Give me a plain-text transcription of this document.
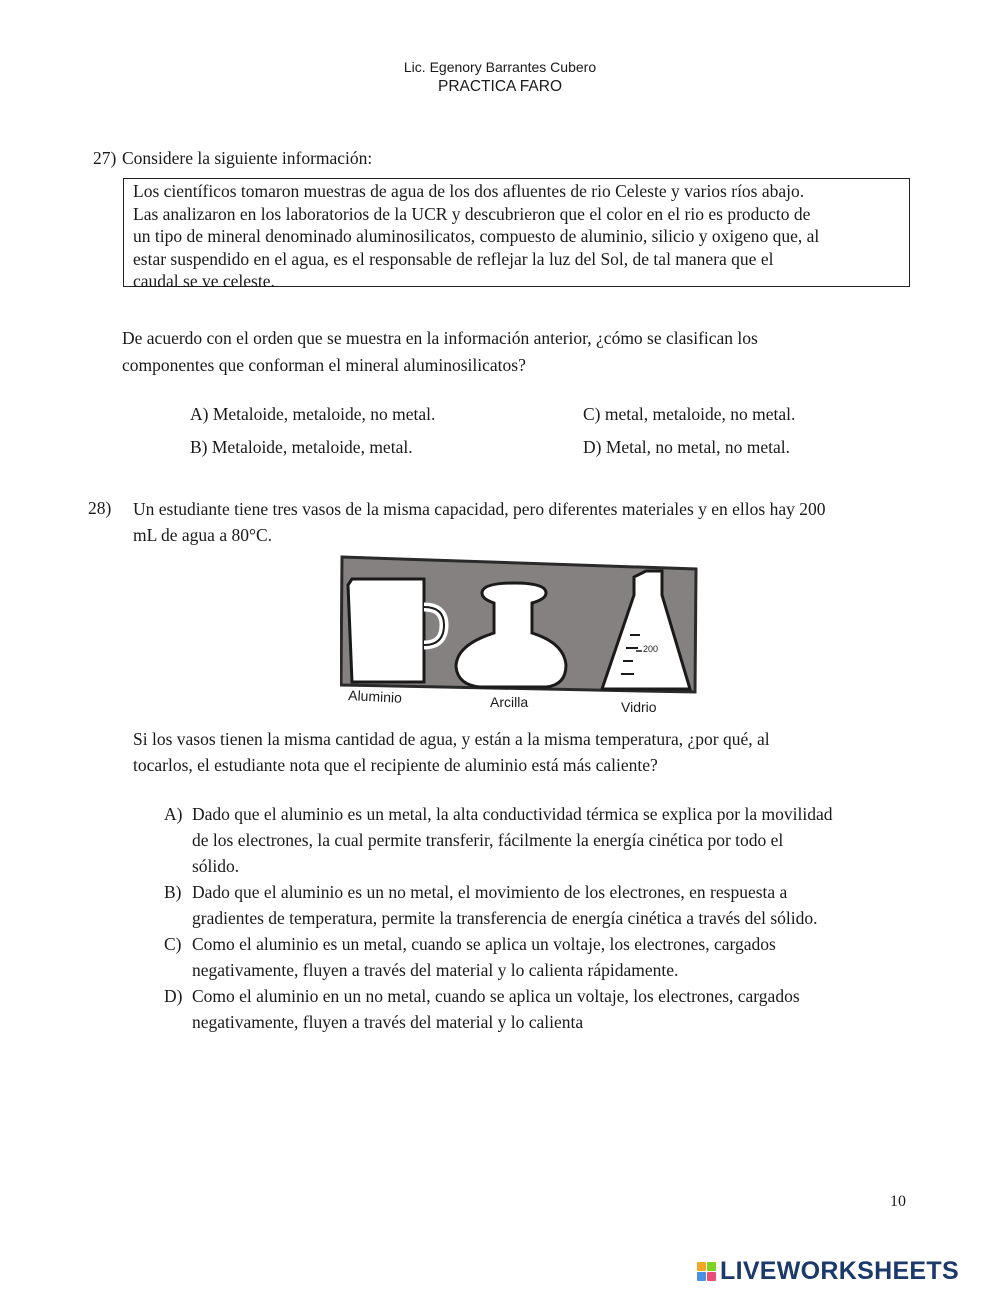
Lic. Egenory Barrantes Cubero
PRACTICA FARO
27) Considere la siguiente información:
Los científicos tomaron muestras de agua de los dos afluentes de rio Celeste y varios ríos abajo.
Las analizaron en los laboratorios de la UCR y descubrieron que el color en el rio es producto de
un tipo de mineral denominado aluminosilicatos, compuesto de aluminio, silicio y oxigeno que, al
estar suspendido en el agua, es el responsable de reflejar la luz del Sol, de tal manera que el
caudal se ve celeste.
De acuerdo con el orden que se muestra en la información anterior, ¿cómo se clasifican los
componentes que conforman el mineral aluminosilicatos?
A) Metaloide, metaloide, no metal.	C) metal, metaloide, no metal.
B) Metaloide, metaloide, metal.	D) Metal, no metal, no metal.
28) Un estudiante tiene tres vasos de la misma capacidad, pero diferentes materiales y en ellos hay 200
mL de agua a 80°C.
200
Aluminio	Arcilla	Vidrio
Si los vasos tienen la misma cantidad de agua, y están a la misma temperatura, ¿por qué, al
tocarlos, el estudiante nota que el recipiente de aluminio está más caliente?
A) Dado que el aluminio es un metal, la alta conductividad térmica se explica por la movilidad
de los electrones, la cual permite transferir, fácilmente la energía cinética por todo el
sólido.
B) Dado que el aluminio es un no metal, el movimiento de los electrones, en respuesta a
gradientes de temperatura, permite la transferencia de energía cinética a través del sólido.
C) Como el aluminio es un metal, cuando se aplica un voltaje, los electrones, cargados
negativamente, fluyen a través del material y lo calienta rápidamente.
D) Como el aluminio en un no metal, cuando se aplica un voltaje, los electrones, cargados
negativamente, fluyen a través del material y lo calienta
10
LIVEWORKSHEETS
